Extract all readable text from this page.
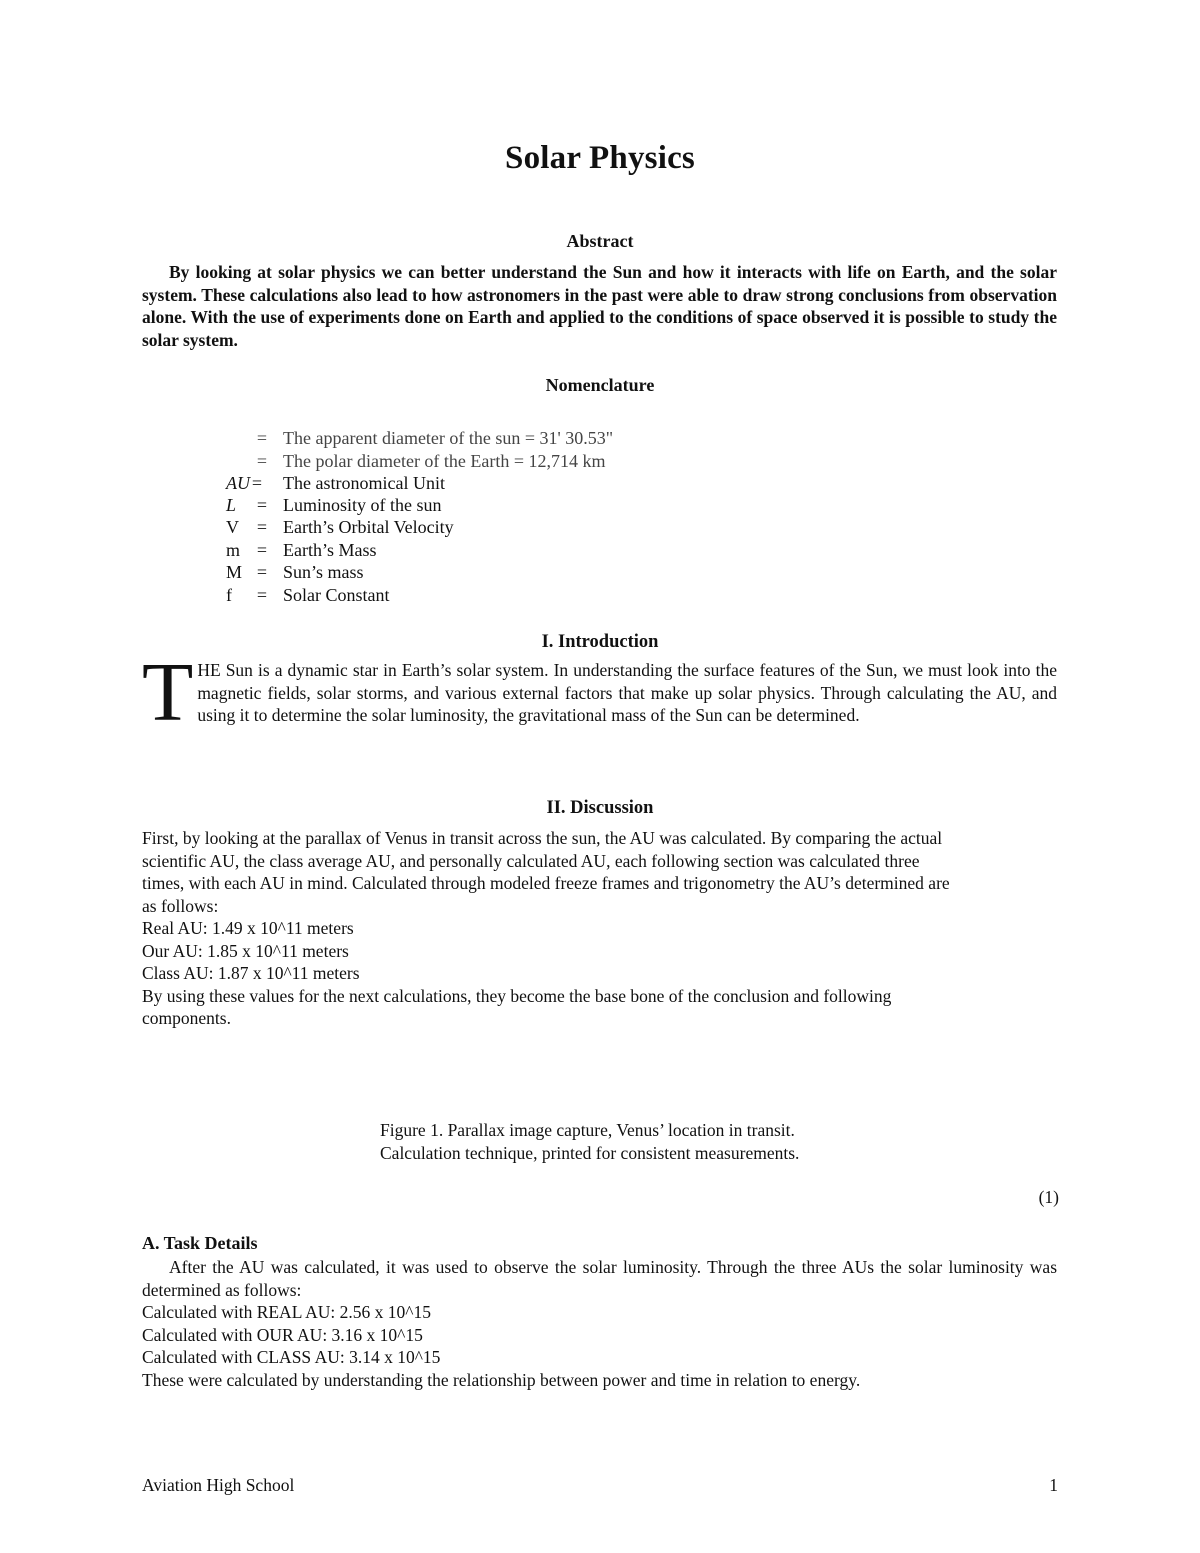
Solar Physics
Abstract
By looking at solar physics we can better understand the Sun and how it interacts with life on Earth, and the solar system. These calculations also lead to how astronomers in the past were able to draw strong conclusions from observation alone. With the use of experiments done on Earth and applied to the conditions of space observed it is possible to study the solar system.
Nomenclature
= The apparent diameter of the sun = 31' 30.53"
= The polar diameter of the Earth = 12,714 km
AU = The astronomical Unit
L	= Luminosity of the sun
V = Earth’s Orbital Velocity
m = Earth’s Mass
M = Sun’s mass
f	= Solar Constant
I. Introduction
THE Sun is a dynamic star in Earth’s solar system. In understanding the surface features of the Sun, we must look into the magnetic fields, solar storms, and various external factors that make up solar physics. Through calculating the AU, and using it to determine the solar luminosity, the gravitational mass of the Sun can be determined.
II. Discussion
First, by looking at the parallax of Venus in transit across the sun, the AU was calculated. By comparing the actual
scientific AU, the class average AU, and personally calculated AU, each following section was calculated three
times, with each AU in mind. Calculated through modeled freeze frames and trigonometry the AU’s determined are
as follows:
Real AU: 1.49 x 10^11 meters
Our AU: 1.85 x 10^11 meters
Class AU: 1.87 x 10^11 meters
By using these values for the next calculations, they become the base bone of the conclusion and following
components.
Figure 1. Parallax image capture, Venus’ location in transit.
Calculation technique, printed for consistent measurements.
(1)
A. Task Details
After the AU was calculated, it was used to observe the solar luminosity. Through the three AUs the solar luminosity was determined as follows:
Calculated with REAL AU: 2.56 x 10^15
Calculated with OUR AU: 3.16 x 10^15
Calculated with CLASS AU: 3.14 x 10^15
These were calculated by understanding the relationship between power and time in relation to energy.
Aviation High School	1
